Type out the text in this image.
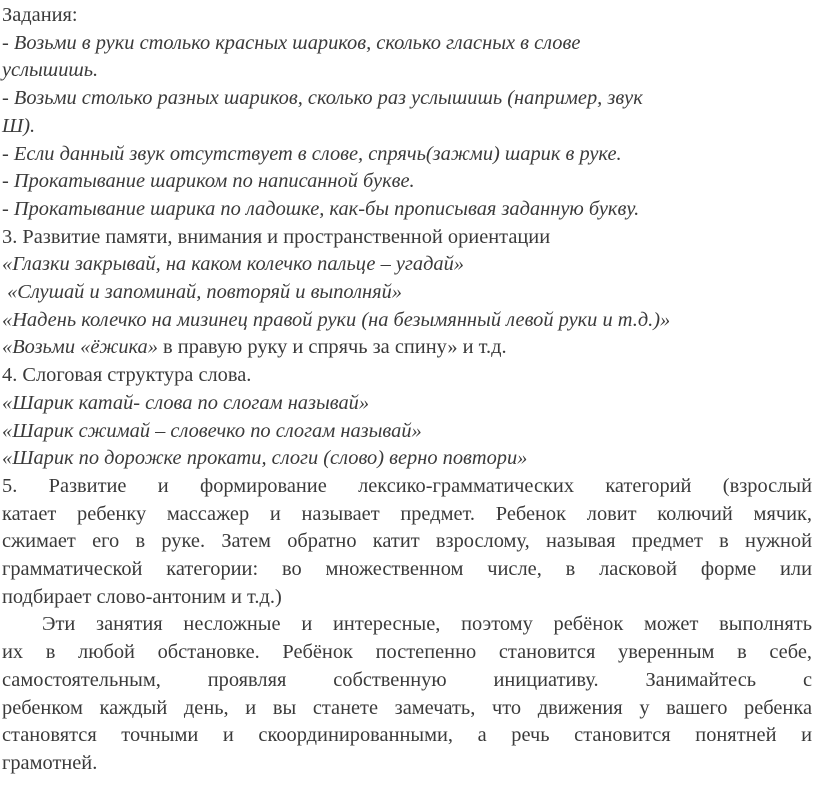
Задания:
- Возьми в руки столько красных шариков, сколько гласных в слове
услышишь.
- Возьми столько разных шариков, сколько раз услышишь (например, звук
Ш).
- Если данный звук отсутствует в слове, спрячь(зажми) шарик в руке.
- Прокатывание шариком по написанной букве.
- Прокатывание шарика по ладошке, как-бы прописывая заданную букву.
3. Развитие памяти, внимания и пространственной ориентации
«Глазки закрывай, на каком колечко пальце – угадай»
«Слушай и запоминай, повторяй и выполняй»
«Надень колечко на мизинец правой руки (на безымянный левой руки и т.д.)»
«Возьми «ёжика» в правую руку и спрячь за спину» и т.д.
4. Слоговая структура слова.
«Шарик катай- слова по слогам называй»
«Шарик сжимай – словечко по слогам называй»
«Шарик по дорожке прокати, слоги (слово) верно повтори»
5. Развитие и формирование лексико-грамматических категорий (взрослый
катает ребенку массажер и называет предмет. Ребенок ловит колючий мячик,
сжимает его в руке. Затем обратно катит взрослому, называя предмет в нужной
грамматической категории: во множественном числе, в ласковой форме или
подбирает слово-антоним и т.д.)
Эти занятия несложные и интересные, поэтому ребёнок может выполнять
их в любой обстановке. Ребёнок постепенно становится уверенным в себе,
самостоятельным, проявляя собственную инициативу. Занимайтесь с
ребенком каждый день, и вы станете замечать, что движения у вашего ребенка
становятся точными и скоординированными, а речь становится понятней и
грамотней.
